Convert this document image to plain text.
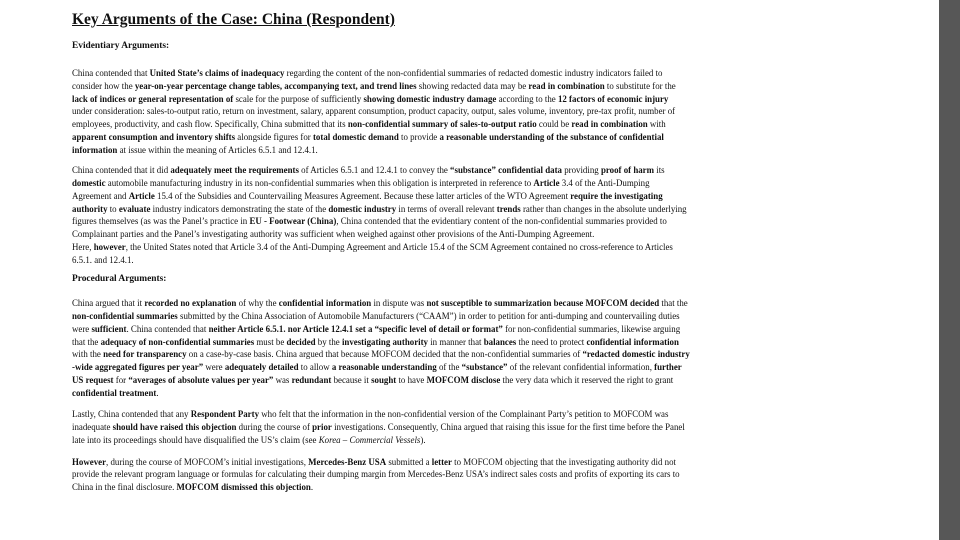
Key Arguments of the Case: China (Respondent)
Evidentiary Arguments:
China contended that United State’s claims of inadequacy regarding the content of the non-confidential summaries of redacted domestic industry indicators failed to
consider how the year-on-year percentage change tables, accompanying text, and trend lines showing redacted data may be read in combination to substitute for the
lack of indices or general representation of scale for the purpose of sufficiently showing domestic industry damage according to the 12 factors of economic injury
under consideration: sales-to-output ratio, return on investment, salary, apparent consumption, product capacity, output, sales volume, inventory, pre-tax profit, number of
employees, productivity, and cash flow. Specifically, China submitted that its non-confidential summary of sales-to-output ratio could be read in combination with
apparent consumption and inventory shifts alongside figures for total domestic demand to provide a reasonable understanding of the substance of confidential
information at issue within the meaning of Articles 6.5.1 and 12.4.1.
China contended that it did adequately meet the requirements of Articles 6.5.1 and 12.4.1 to convey the “substance” confidential data providing proof of harm its
domestic automobile manufacturing industry in its non-confidential summaries when this obligation is interpreted in reference to Article 3.4 of the Anti-Dumping
Agreement and Article 15.4 of the Subsidies and Countervailing Measures Agreement. Because these latter articles of the WTO Agreement require the investigating
authority to evaluate industry indicators demonstrating the state of the domestic industry in terms of overall relevant trends rather than changes in the absolute underlying
figures themselves (as was the Panel’s practice in EU - Footwear (China), China contended that the evidentiary content of the non-confidential summaries provided to
Complainant parties and the Panel’s investigating authority was sufficient when weighed against other provisions of the Anti-Dumping Agreement.
Here, however, the United States noted that Article 3.4 of the Anti-Dumping Agreement and Article 15.4 of the SCM Agreement contained no cross-reference to Articles
6.5.1. and 12.4.1.
Procedural Arguments:
China argued that it recorded no explanation of why the confidential information in dispute was not susceptible to summarization because MOFCOM decided that the
non-confidential summaries submitted by the China Association of Automobile Manufacturers (“CAAM”) in order to petition for anti-dumping and countervailing duties
were sufficient. China contended that neither Article 6.5.1. nor Article 12.4.1 set a “specific level of detail or format” for non-confidential summaries, likewise arguing
that the adequacy of non-confidential summaries must be decided by the investigating authority in manner that balances the need to protect confidential information
with the need for transparency on a case-by-case basis. China argued that because MOFCOM decided that the non-confidential summaries of “redacted domestic industry
-wide aggregated figures per year” were adequately detailed to allow a reasonable understanding of the “substance” of the relevant confidential information, further
US request for “averages of absolute values per year” was redundant because it sought to have MOFCOM disclose the very data which it reserved the right to grant
confidential treatment.
Lastly, China contended that any Respondent Party who felt that the information in the non-confidential version of the Complainant Party’s petition to MOFCOM was
inadequate should have raised this objection during the course of prior investigations. Consequently, China argued that raising this issue for the first time before the Panel
late into its proceedings should have disqualified the US’s claim (see Korea – Commercial Vessels).
However, during the course of MOFCOM’s initial investigations, Mercedes-Benz USA submitted a letter to MOFCOM objecting that the investigating authority did not
provide the relevant program language or formulas for calculating their dumping margin from Mercedes-Benz USA’s indirect sales costs and profits of exporting its cars to
China in the final disclosure. MOFCOM dismissed this objection.
